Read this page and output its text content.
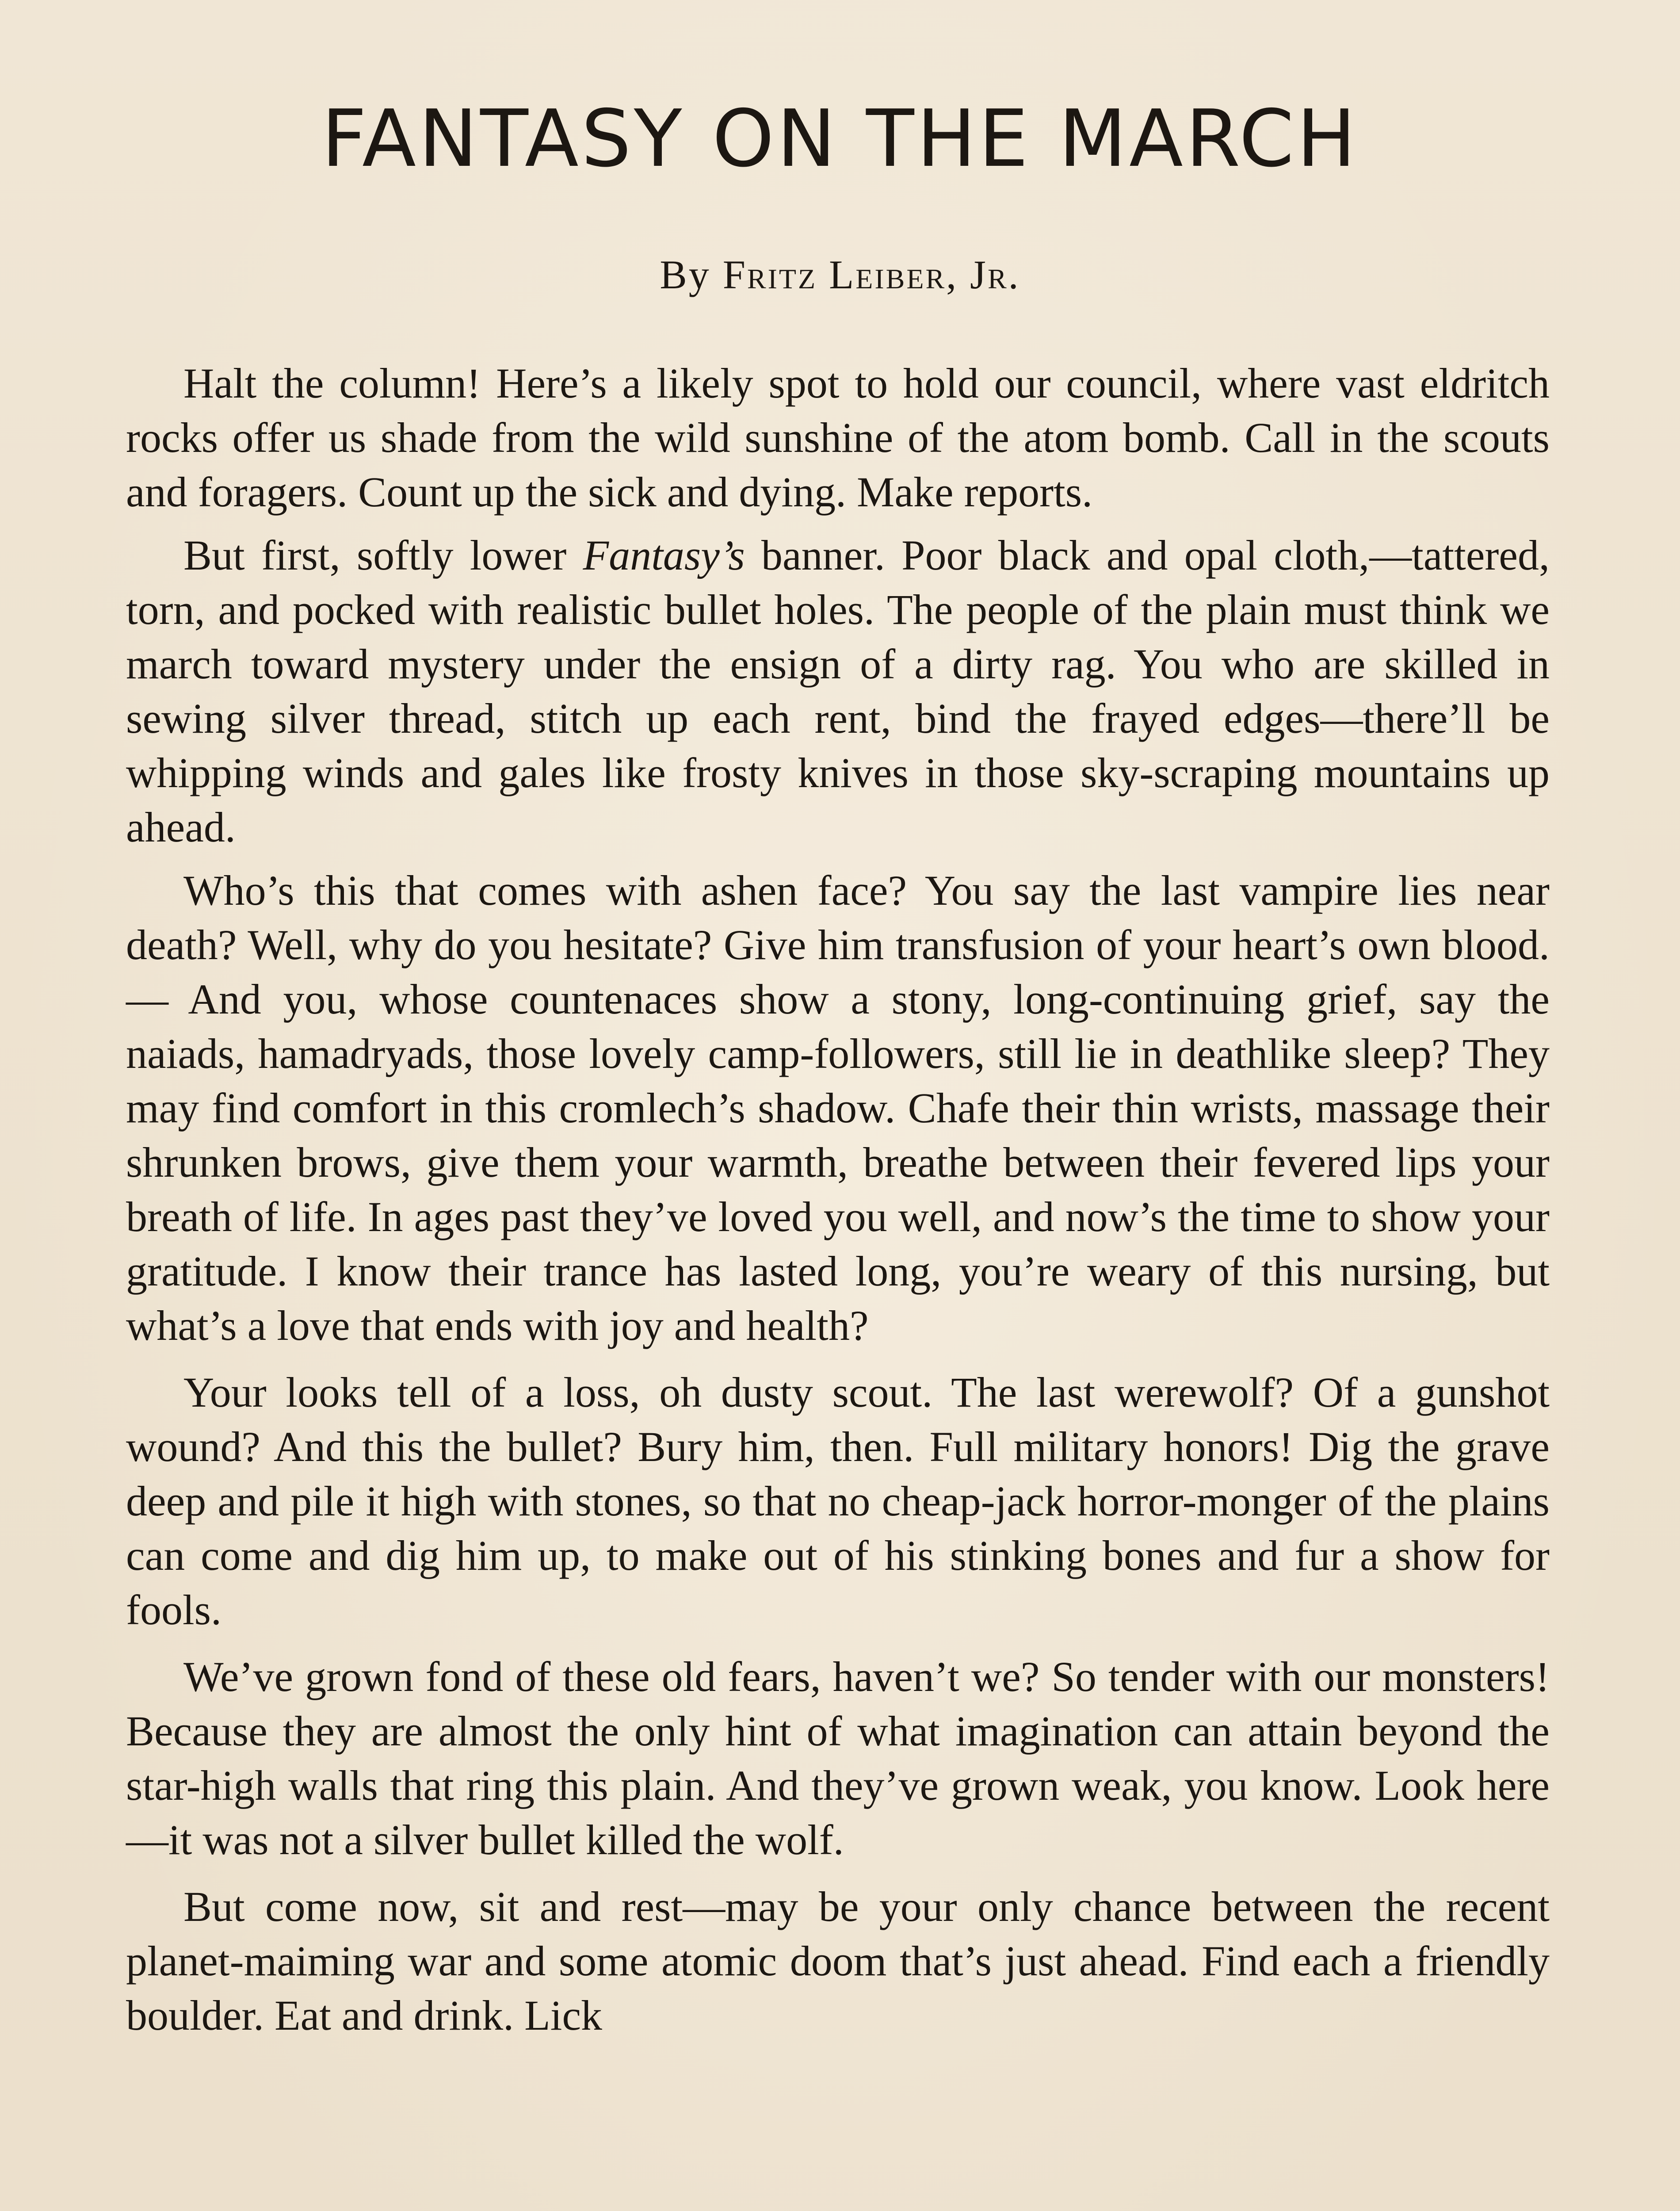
FANTASY ON THE MARCH
By Fritz Leiber, Jr.

Halt the column! Here’s a likely spot to hold our council, where vast eldritch rocks offer us shade from the wild sunshine of the atom bomb. Call in the scouts and foragers. Count up the sick and dying. Make reports.

But first, softly lower Fantasy’s banner. Poor black and opal cloth,—tattered, torn, and pocked with realistic bullet holes. The people of the plain must think we march toward mystery under the ensign of a dirty rag. You who are skilled in sewing silver thread, stitch up each rent, bind the frayed edges—there’ll be whipping winds and gales like frosty knives in those sky-scraping mountains up ahead.

Who’s this that comes with ashen face? You say the last vampire lies near death? Well, why do you hesitate? Give him transfusion of your heart’s own blood. — And you, whose countenaces show a stony, long-continuing grief, say the naiads, hamadryads, those lovely camp-followers, still lie in deathlike sleep? They may find comfort in this cromlech’s shadow. Chafe their thin wrists, massage their shrunken brows, give them your warmth, breathe between their fevered lips your breath of life. In ages past they’ve loved you well, and now’s the time to show your gratitude. I know their trance has lasted long, you’re weary of this nursing, but what’s a love that ends with joy and health?

Your looks tell of a loss, oh dusty scout. The last werewolf? Of a gunshot wound? And this the bullet? Bury him, then. Full military honors! Dig the grave deep and pile it high with stones, so that no cheap-jack horror-monger of the plains can come and dig him up, to make out of his stinking bones and fur a show for fools.

We’ve grown fond of these old fears, haven’t we? So tender with our monsters! Because they are almost the only hint of what imagination can attain beyond the star-high walls that ring this plain. And they’ve grown weak, you know. Look here—it was not a silver bullet killed the wolf.

But come now, sit and rest—may be your only chance between the recent planet-maiming war and some atomic doom that’s just ahead. Find each a friendly boulder. Eat and drink. Lick
